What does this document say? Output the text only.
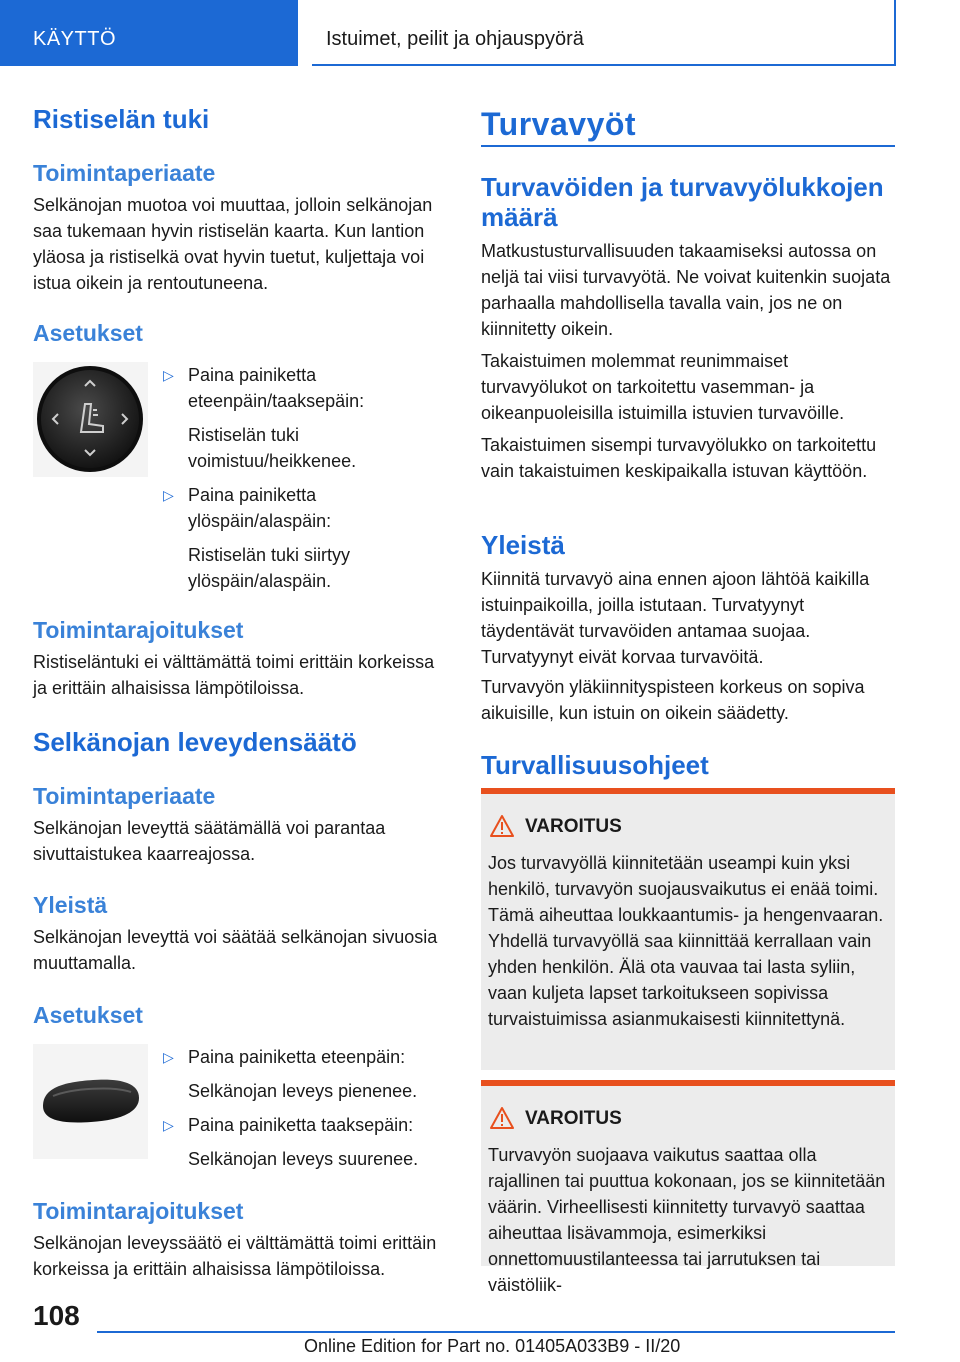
KÄYTTÖ	Istuimet, peilit ja ohjauspyörä
Ristiselän tuki
Toimintaperiaate

Selkänojan muotoa voi muuttaa, jolloin selkänojan saa tukemaan hyvin ristiselän kaarta. Kun lantion yläosa ja ristiselkä ovat hyvin tuetut, kuljettaja voi istua oikein ja rentoutuneena.

Asetukset
▷ Paina painiketta eteenpäin/taaksepäin:
Ristiselän tuki voimistuu/heikkenee.
▷ Paina painiketta ylöspäin/alaspäin:
Ristiselän tuki siirtyy ylöspäin/alaspäin.
Toimintarajoitukset

Ristiseläntuki ei välttämättä toimi erittäin korkeissa ja erittäin alhaisissa lämpötiloissa.

Selkänojan leveydensäätö
Toimintaperiaate

Selkänojan leveyttä säätämällä voi parantaa sivuttaistukea kaarreajossa.

Yleistä

Selkänojan leveyttä voi säätää selkänojan sivuosia muuttamalla.

Asetukset
▷ Paina painiketta eteenpäin:
Selkänojan leveys pienenee.
▷ Paina painiketta taaksepäin:
Selkänojan leveys suurenee.
Toimintarajoitukset

Selkänojan leveyssäätö ei välttämättä toimi erittäin korkeissa ja erittäin alhaisissa lämpötiloissa.

Turvavyöt
Turvavöiden ja turvavyölukkojen määrä

Matkustusturvallisuuden takaamiseksi autossa on neljä tai viisi turvavyötä. Ne voivat kuitenkin suojata parhaalla mahdollisella tavalla vain, jos ne on kiinnitetty oikein.

Takaistuimen molemmat reunimmaiset turvavyölukot on tarkoitettu vasemman- ja oikeanpuoleisilla istuimilla istuvien turvavöille.

Takaistuimen sisempi turvavyölukko on tarkoitettu vain takaistuimen keskipaikalla istuvan käyttöön.

Yleistä

Kiinnitä turvavyö aina ennen ajoon lähtöä kaikilla istuinpaikoilla, joilla istutaan. Turvatyynyt täydentävät turvavöiden antamaa suojaa. Turvatyynyt eivät korvaa turvavöitä.

Turvavyön yläkiinnityspisteen korkeus on sopiva aikuisille, kun istuin on oikein säädetty.

Turvallisuusohjeet
VAROITUS
Jos turvavyöllä kiinnitetään useampi kuin yksi henkilö, turvavyön suojausvaikutus ei enää toimi. Tämä aiheuttaa loukkaantumis- ja hengenvaaran. Yhdellä turvavyöllä saa kiinnittää kerrallaan vain yhden henkilön. Älä ota vauvaa tai lasta syliin, vaan kuljeta lapset tarkoitukseen sopivissa turvaistuimissa asianmukaisesti kiinnitettynä.
VAROITUS
Turvavyön suojaava vaikutus saattaa olla rajallinen tai puuttua kokonaan, jos se kiinnitetään väärin. Virheellisesti kiinnitetty turvavyö saattaa aiheuttaa lisävammoja, esimerkiksi onnettomuustilanteessa tai jarrutuksen tai väistöliik-
108
Online Edition for Part no. 01405A033B9 - II/20
